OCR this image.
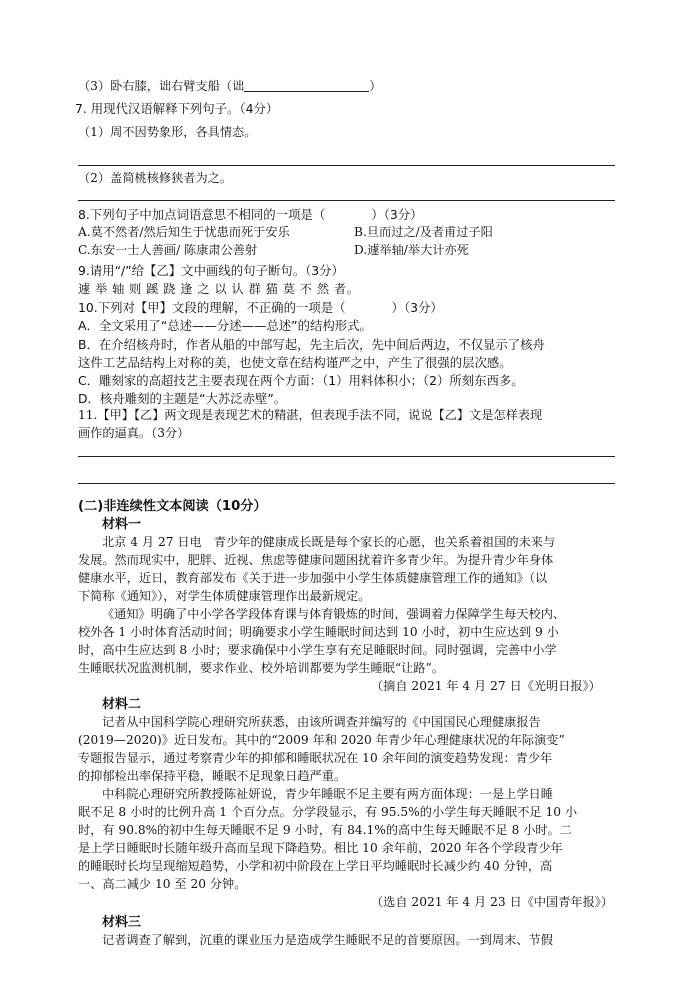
（3）卧右膝，诎右臂支船（诎	）
7. 用现代汉语解释下列句子。（4分）
（1）周不因势象形，各具情态。
（2）盖简桃核修狭者为之。
8.下列句子中加点词语意思不相同的一项是（	）（3分）
A.莫不然者/然后知生于忧患而死于安乐	B.旦而过之/及者甫过子阳
C.东安一士人善画/ 陈康肃公善射	D.遽举轴/举大计亦死
9.请用“/”给【乙】文中画线的句子断句。（3分）
遽 举 轴 则 蹊 跷 逢 之 以 认 群 猫 莫 不 然 者。
10.下列对【甲】文段的理解，不正确的一项是（	）（3分）
A．全文采用了“总述——分述——总述”的结构形式。
B．在介绍核舟时，作者从船的中部写起，先主后次，先中间后两边，不仅显示了核舟
这件工艺品结构上对称的美，也使文章在结构谨严之中，产生了很强的层次感。
C．雕刻家的高超技艺主要表现在两个方面：（1）用料体积小；（2）所刻东西多。
D．核舟雕刻的主题是“大苏泛赤壁”。
11.【甲】【乙】两文现是表现艺术的精湛，但表现手法不同，说说【乙】文是怎样表现
画作的逼真。（3分）
(二)非连续性文本阅读（10分）
材料一
北京 4 月 27 日电　青少年的健康成长既是每个家长的心愿，也关系着祖国的未来与
发展。然而现实中，肥胖、近视、焦虑等健康问题困扰着许多青少年。为提升青少年身体
健康水平，近日，教育部发布《关于进一步加强中小学生体质健康管理工作的通知》（以
下简称《通知》），对学生体质健康管理作出最新规定。
《通知》明确了中小学各学段体育课与体育锻炼的时间，强调着力保障学生每天校内、
校外各 1 小时体育活动时间；明确要求小学生睡眠时间达到 10 小时，初中生应达到 9 小
时，高中生应达到 8 小时；要求确保中小学生享有充足睡眠时间。同时强调，完善中小学
生睡眠状况监测机制，要求作业、校外培训都要为学生睡眠“让路”。
（摘自 2021 年 4 月 27 日《光明日报》）
材料二
记者从中国科学院心理研究所获悉，由该所调查并编写的《中国国民心理健康报告
(2019—2020)》近日发布。其中的“2009 年和 2020 年青少年心理健康状况的年际演变”
专题报告显示，通过考察青少年的抑郁和睡眠状况在 10 余年间的演变趋势发现：青少年
的抑郁检出率保持平稳，睡眠不足现象日趋严重。
中科院心理研究所教授陈祉妍说，青少年睡眠不足主要有两方面体现：一是上学日睡
眠不足 8 小时的比例升高 1 个百分点。分学段显示，有 95.5%的小学生每天睡眠不足 10 小
时，有 90.8%的初中生每天睡眠不足 9 小时，有 84.1%的高中生每天睡眠不足 8 小时。二
是上学日睡眠时长随年级升高而呈现下降趋势。相比 10 余年前，2020 年各个学段青少年
的睡眠时长均呈现缩短趋势，小学和初中阶段在上学日平均睡眠时长减少约 40 分钟，高
一、高二减少 10 至 20 分钟。
（选自 2021 年 4 月 23 日《中国青年报》）
材料三
记者调查了解到，沉重的课业压力是造成学生睡眠不足的首要原因。一到周末、节假
